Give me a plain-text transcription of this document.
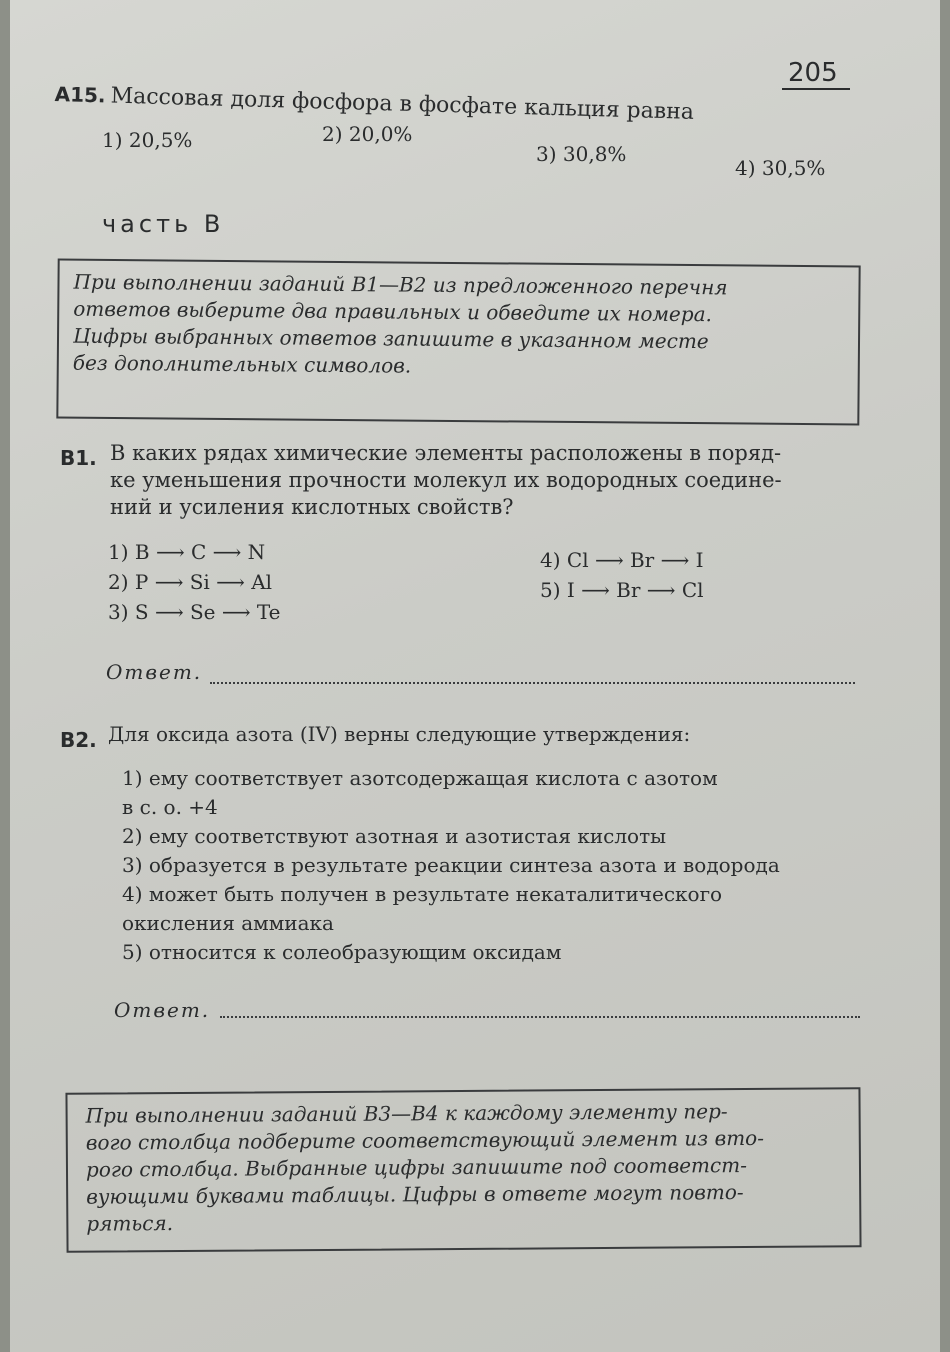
205
А15. Массовая доля фосфора в фосфате кальция равна
1) 20,5%	2) 20,0%
3) 30,8%
4) 30,5%
часть В
При выполнении заданий В1—В2 из предложенного перечня
ответов выберите два правильных и обведите их номера.
Цифры выбранных ответов запишите в указанном месте
без дополнительных символов.
В1. В каких рядах химические элементы расположены в поряд-
ке уменьшения прочности молекул их водородных соедине-
ний и усиления кислотных свойств?
1) B ⟶ C ⟶ N
2) P ⟶ Si ⟶ Al
3) S ⟶ Se ⟶ Te
4) Cl ⟶ Br ⟶ I
5) I ⟶ Br ⟶ Cl
Ответ.
В2. Для оксида азота (IV) верны следующие утверждения:
1) ему соответствует азотсодержащая кислота с азотом
в с. о. +4
2) ему соответствуют азотная и азотистая кислоты
3) образуется в результате реакции синтеза азота и водорода
4) может быть получен в результате некаталитического
окисления аммиака
5) относится к солеобразующим оксидам
Ответ.
При выполнении заданий В3—В4 к каждому элементу пер-
вого столбца подберите соответствующий элемент из вто-
рого столбца. Выбранные цифры запишите под соответст-
вующими буквами таблицы. Цифры в ответе могут повто-
ряться.
